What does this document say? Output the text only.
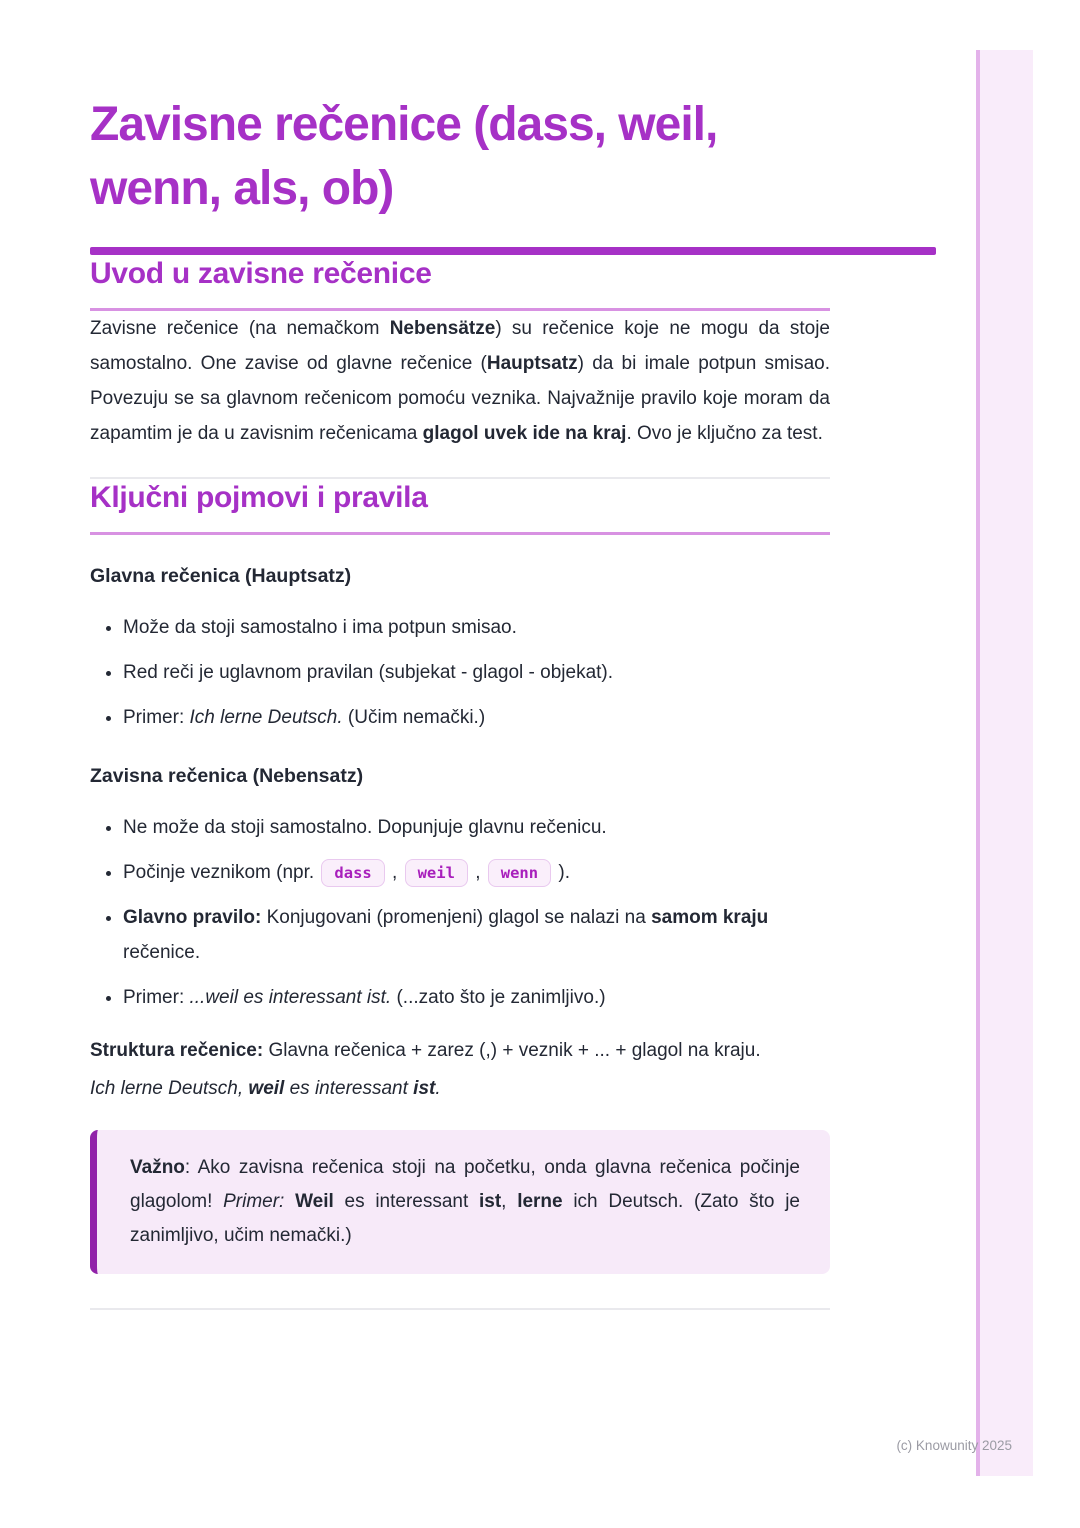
Zavisne rečenice (dass, weil, wenn, als, ob)
Uvod u zavisne rečenice

Zavisne rečenice (na nemačkom Nebensätze) su rečenice koje ne mogu da stoje samostalno. One zavise od glavne rečenice (Hauptsatz) da bi imale potpun smisao. Povezuju se sa glavnom rečenicom pomoću veznika. Najvažnije pravilo koje moram da zapamtim je da u zavisnim rečenicama glagol uvek ide na kraj. Ovo je ključno za test.

Ključni pojmovi i pravila
Glavna rečenica (Hauptsatz)
• Može da stoji samostalno i ima potpun smisao.
• Red reči je uglavnom pravilan (subjekat - glagol - objekat).
• Primer: Ich lerne Deutsch. (Učim nemački.)
Zavisna rečenica (Nebensatz)
• Ne može da stoji samostalno. Dopunjuje glavnu rečenicu.
• Počinje veznikom (npr. dass , weil , wenn ).
• Glavno pravilo: Konjugovani (promenjeni) glagol se nalazi na samom kraju rečenice.
• Primer: ...weil es interessant ist. (...zato što je zanimljivo.)

Struktura rečenice: Glavna rečenica + zarez (,) + veznik + ... + glagol na kraju.

Ich lerne Deutsch, weil es interessant ist.

Važno: Ako zavisna rečenica stoji na početku, onda glavna rečenica počinje glagolom! Primer: Weil es interessant ist, lerne ich Deutsch. (Zato što je zanimljivo, učim nemački.)

(c) Knowunity 2025
